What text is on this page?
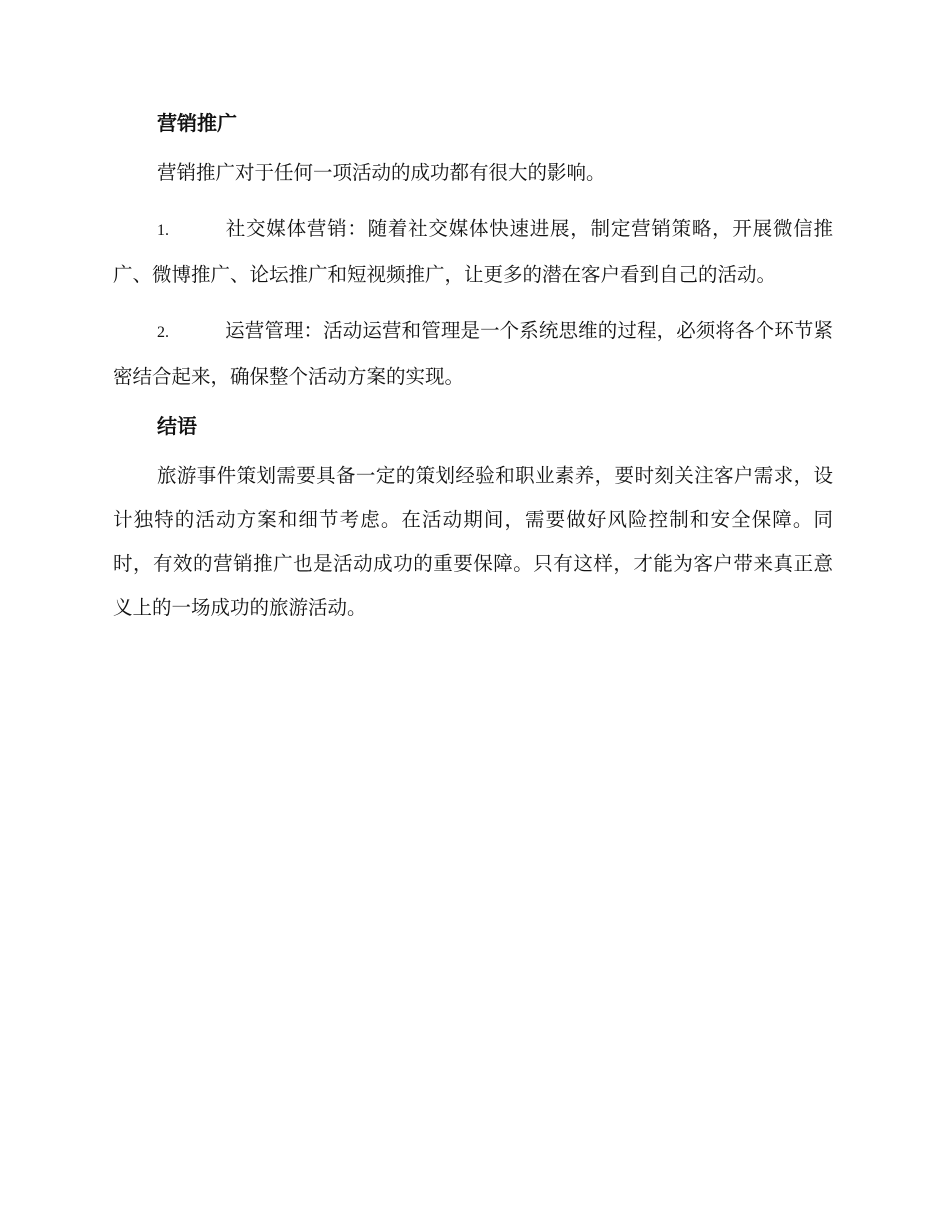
营销推广

营销推广对于任何一项活动的成功都有很大的影响。

1.	社交媒体营销：随着社交媒体快速进展，制定营销策略，开展微信推广、微博推广、论坛推广和短视频推广，让更多的潜在客户看到自己的活动。

2.	运营管理：活动运营和管理是一个系统思维的过程，必须将各个环节紧密结合起来，确保整个活动方案的实现。

结语

旅游事件策划需要具备一定的策划经验和职业素养，要时刻关注客户需求，设计独特的活动方案和细节考虑。在活动期间，需要做好风险控制和安全保障。同时，有效的营销推广也是活动成功的重要保障。只有这样，才能为客户带来真正意义上的一场成功的旅游活动。
